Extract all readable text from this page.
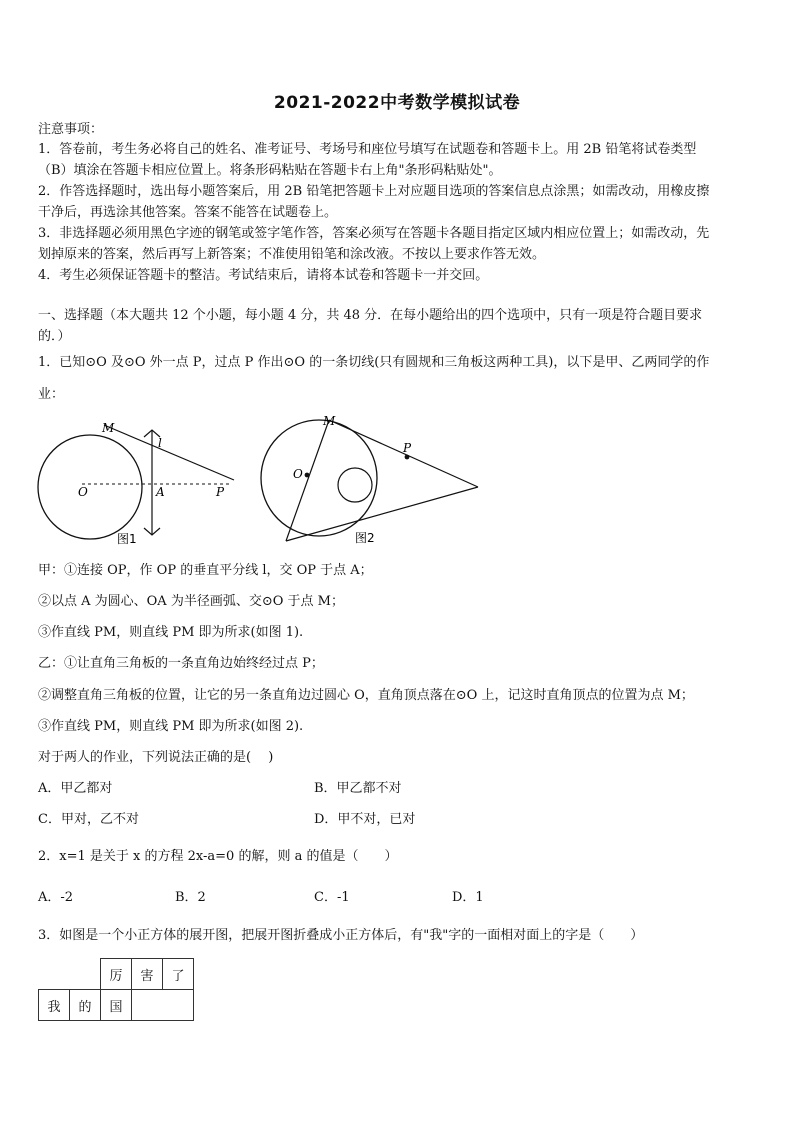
2021-2022中考数学模拟试卷
注意事项：
1．答卷前，考生务必将自己的姓名、准考证号、考场号和座位号填写在试题卷和答题卡上。用 2B 铅笔将试卷类型
（B）填涂在答题卡相应位置上。将条形码粘贴在答题卡右上角"条形码粘贴处"。
2．作答选择题时，选出每小题答案后，用 2B 铅笔把答题卡上对应题目选项的答案信息点涂黑；如需改动，用橡皮擦
干净后，再选涂其他答案。答案不能答在试题卷上。
3．非选择题必须用黑色字迹的钢笔或签字笔作答，答案必须写在答题卡各题目指定区域内相应位置上；如需改动，先
划掉原来的答案，然后再写上新答案；不准使用铅笔和涂改液。不按以上要求作答无效。
4．考生必须保证答题卡的整洁。考试结束后，请将本试卷和答题卡一并交回。
一、选择题（本大题共 12 个小题，每小题 4 分，共 48 分．在每小题给出的四个选项中，只有一项是符合题目要求
的．）
1．已知⊙O 及⊙O 外一点 P，过点 P 作出⊙O 的一条切线(只有圆规和三角板这两种工具)，以下是甲、乙两同学的作
业：
M
l
O	A	P
图1
M
O
P
图2
甲：①连接 OP，作 OP 的垂直平分线 l，交 OP 于点 A；
②以点 A 为圆心、OA 为半径画弧、交⊙O 于点 M；
③作直线 PM，则直线 PM 即为所求(如图 1).
乙：①让直角三角板的一条直角边始终经过点 P；
②调整直角三角板的位置，让它的另一条直角边过圆心 O，直角顶点落在⊙O 上，记这时直角顶点的位置为点 M；
③作直线 PM，则直线 PM 即为所求(如图 2).
对于两人的作业，下列说法正确的是(　 )
A．甲乙都对	B．甲乙都不对
C．甲对，乙不对	D．甲不对，已对
2．x=1 是关于 x 的方程 2x-a=0 的解，则 a 的值是（　　）
A．-2	B．2	C．-1	D．1
3．如图是一个小正方体的展开图，把展开图折叠成小正方体后，有"我"字的一面相对面上的字是（　　）
		厉	害	了
我	的	国		
